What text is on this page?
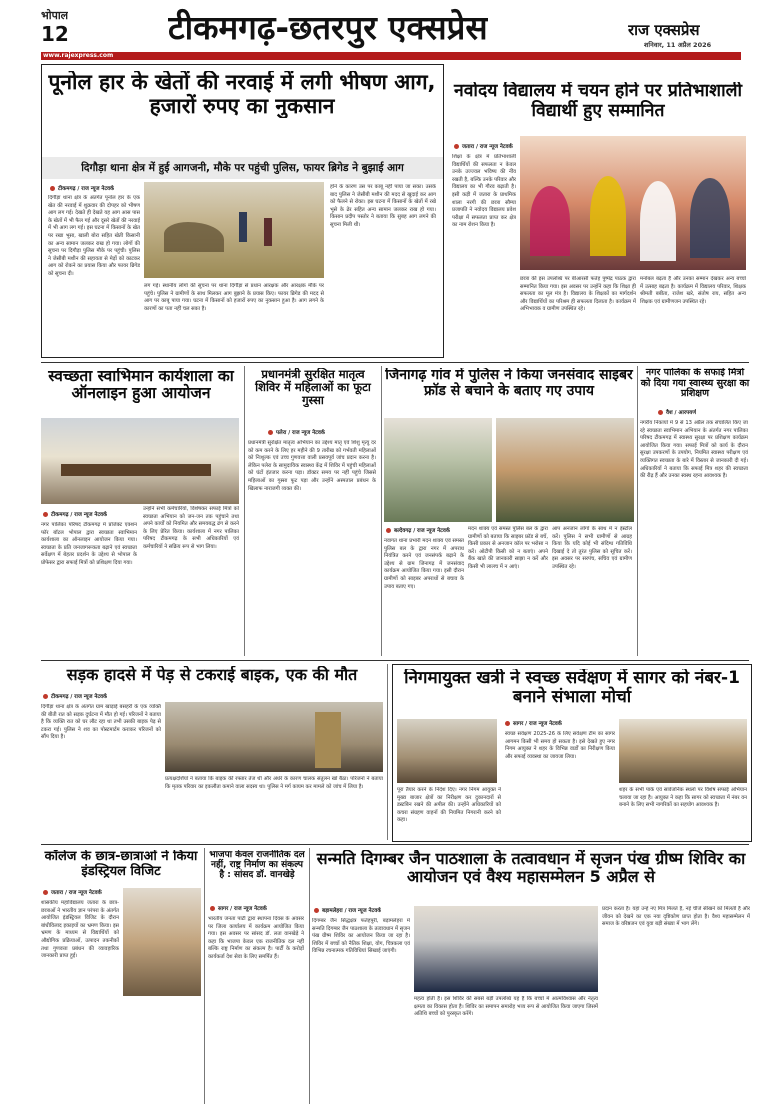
भोपाल
12	टीकमगढ़-छतरपुर एक्सप्रेस	राज एक्सप्रेस
शनिवार, 11 अप्रैल 2026
www.rajexpress.com
पूनोल हार के खेतों की नरवाई में लगी भीषण आग, हजारों रुपए का नुकसान
दिगौड़ा थाना क्षेत्र में हुई आगजनी, मौके पर पहुंची पुलिस, फायर ब्रिगेड ने बुझाई आग
टीकमगढ़ / राज न्यूज नेटवर्क
दिगौड़ा थाना क्षेत्र के अंतर्गत पूनोल हार के एक खेत की नरवाई में शुक्रवार की दोपहर को भीषण आग लग गई। देखते ही देखते यह आग आस पास के खेतों में भी फैल गई और दूसरे खेतों की नरवाई में भी आग लग गई। इस घटना में किसानों के खेत पर रखा भूसा, खाली बोरा सहित खेती किसानी का अन्य सामान जलकर राख हो गया। लोगों की सूचना पर दिगौड़ा पुलिस मौके पर पहुंची। पुलिस ने जेसीबी मशीन की सहायता से मेड़ों को काटकर आग को रोकने का प्रयास किया और फायर ब्रिगेड को सूचना दी।
लग गई। स्थानीय लोगों की सूचना पर थाना दिगौड़ा से प्रधान आरक्षक और आरक्षक मौके पर पहुंचे। पुलिस ने ग्रामीणों के साथ मिलकर आग बुझाने के प्रयास किए। फायर ब्रिगेड की मदद से आग पर काबू पाया गया। घटना में किसानों को हजारों रुपए का नुकसान हुआ है। आग लगने के कारणों का पता नहीं चल सका है।
होने के कारण उस पर काबू नहीं पाया जा सका। उसके बाद पुलिस ने जेसीबी मशीन की मदद से खुदाई कर आग को फैलने से रोका। इस घटना में किसानों के खेतों में रखे भूसे के ढेर सहित अन्य सामान जलकर राख हो गया। किसान प्रदीप पस्तोर ने बताया कि सुबह आग लगने की सूचना मिली थी।
नवोदय विद्यालय में चयन होने पर प्रतिभाशाली विद्यार्थी हुए सम्मानित
जतारा / राज न्यूज नेटवर्क
शिक्षा के क्षेत्र में प्रतिभाशाली विद्यार्थियों की सफलता न केवल उनके उज्ज्वल भविष्य की नींव रखती है, बल्कि उनके परिवार और विद्यालय का भी गौरव बढ़ाती है। इसी कड़ी में जतारा के प्राथमिक शाला नरगी की छात्रा सौम्या प्रजापति ने नवोदय विद्यालय प्रवेश परीक्षा में सफलता प्राप्त कर क्षेत्र का नाम रोशन किया है।
छात्रा की इस उपलब्धि पर बीआरसी फतेह पुष्पेंद्र पाठक द्वारा सम्मानित किया गया। इस अवसर पर उन्होंने कहा कि शिक्षा ही सफलता का मूल मंत्र है। विद्यालय के शिक्षकों का मार्गदर्शन और विद्यार्थियों का परिश्रम ही सफलता दिलाता है। कार्यक्रम में अभिभावक व ग्रामीण उपस्थित रहे।
मनोबल बढ़ता है और उनका सम्मान देखकर अन्य बच्चों में उत्साह बढ़ता है। कार्यक्रम में विद्यालय परिवार, शिक्षक श्रीमती बबीता, राजेश खरे, संतोष राय, सहित अन्य शिक्षक एवं ग्रामीणजन उपस्थित रहे।
स्वच्छता स्वाभिमान कार्यशाला का ऑनलाइन हुआ आयोजन
टीकमगढ़ / राज न्यूज नेटवर्क
नगर पालिका परिषद टीकमगढ़ में प्रोजेक्ट एक्शन फॉर बॉटल भोपाल द्वारा स्वच्छता स्वाभिमान कार्यशाला का ऑनलाइन आयोजन किया गया। स्वच्छता के प्रति जनजागरूकता बढ़ाने एवं स्वच्छता सर्वेक्षण में बेहतर प्रदर्शन के उद्देश्य से भोपाल के प्रोफेसर द्वारा सफाई मित्रों को प्रशिक्षण दिया गया।
उन्होंने सभी कर्मचारियों, विशेषकर सफाई मित्रों को स्वच्छता अभियान को जन-जन तक पहुंचाने तथा अपने कार्यों को नियमित और समयबद्ध ढंग से करने के लिए प्रेरित किया। कार्यशाला में नगर पालिका परिषद टीकमगढ़ के सभी अधिकारियों एवं कर्मचारियों ने सक्रिय रूप से भाग लिया।
प्रधानमंत्री सुरक्षित मातृत्व शिविर में महिलाओं का फूटा गुस्सा
पलेरा / राज न्यूज नेटवर्क
प्रधानमंत्री सुरक्षित मातृत्व अभियान का उद्देश्य मातृ एवं शिशु मृत्यु दर को कम करने के लिए हर महीने की 9 तारीख को गर्भवती महिलाओं को निःशुल्क एवं उच्च गुणवत्ता वाली प्रसवपूर्व जांच प्रदान करना है। लेकिन पलेरा के सामुदायिक स्वास्थ्य केंद्र में शिविर में पहुंची महिलाओं को घंटों इंतजार करना पड़ा। डॉक्टर समय पर नहीं पहुंचे जिससे महिलाओं का गुस्सा फूट पड़ा और उन्होंने अस्पताल प्रबंधन के खिलाफ नाराजगी व्यक्त की।
जिनागढ़ गांव में पुलिस ने किया जनसंवाद साइबर फ्रॉड से बचाने के बताए गए उपाय
बल्देवगढ़ / राज न्यूज नेटवर्क
नवागत थाना प्रभारी मदन शाक्य एवं समस्त पुलिस बल के द्वारा नगर में अपराध नियंत्रित करने एवं जनसंपर्क बढ़ाने के उद्देश्य से ग्राम जिनागढ़ में जनसंवाद कार्यक्रम आयोजित किया गया। इसी दौरान ग्रामीणों को साइबर अपराधों से बचाव के उपाय बताए गए।
मदन शाक्य एवं समस्त पुलिस बल के द्वारा ग्रामीणों को बताया कि साइबर फ्रॉड से बचें, किसी प्रकार से अनजान कॉल पर भरोसा न करें। ओटीपी किसी को न बताएं। अपने बैंक खाते की जानकारी साझा न करें और किसी भी लालच में न आएं।
आप अनजान लोगों के साथ में न इंस्टॉल करें। पुलिस ने सभी ग्रामीणों से आग्रह किया कि यदि कोई भी संदिग्ध गतिविधि दिखाई दे तो तुरंत पुलिस को सूचित करें। इस अवसर पर सरपंच, सचिव एवं ग्रामीण उपस्थित रहे।
नगर पालिका के सफाई मित्रों को दिया गया स्वास्थ्य सुरक्षा का प्रशिक्षण
वैश / आरपयर्ण
नगरीय निकायों में 9 से 13 अप्रैल तक संचालित किए जा रहे स्वच्छता स्वाभिमान अभियान के अंतर्गत नगर पालिका परिषद टीकमगढ़ में स्वास्थ्य सुरक्षा पर प्रशिक्षण कार्यक्रम आयोजित किया गया। सफाई मित्रों को कार्य के दौरान सुरक्षा उपकरणों के उपयोग, नियमित स्वास्थ्य परीक्षण एवं व्यक्तिगत स्वच्छता के बारे में विस्तार से जानकारी दी गई। अधिकारियों ने बताया कि सफाई मित्र शहर की स्वच्छता की रीढ़ हैं और उनका स्वस्थ रहना आवश्यक है।
सड़क हादसे में पेड़ से टकराई बाइक, एक की मौत
टीकमगढ़ / राज न्यूज नेटवर्क
दिगौड़ा थाना क्षेत्र के अंतर्गत ग्राम खाड़ाई बसहरी के एक व्यक्ति की बीती रात को सड़क दुर्घटना में मौत हो गई। परिजनों ने बताया है कि व्यक्ति रात को घर लौट रहा था तभी उसकी बाइक पेड़ से टकरा गई। पुलिस ने शव का पोस्टमार्टम कराकर परिजनों को सौंप दिया है।
प्रत्यक्षदर्शियों ने बताया कि बाइक की रफ्तार तेज थी और अंधेरे के कारण चालक संतुलन खो बैठा। परिजनों ने बताया कि मृतक परिवार का इकलौता कमाने वाला सदस्य था। पुलिस ने मर्ग कायम कर मामले को जांच में लिया है।
निगमायुक्त खत्री ने स्वच्छ सर्वेक्षण में सागर को नंबर-1 बनाने संभाला मोर्चा
सागर / राज न्यूज नेटवर्क
स्वच्छ सर्वेक्षण 2025-26 के लिए सर्वेक्षण टीम का सागर आगमन किसी भी समय हो सकता है। इसे देखते हुए नगर निगम आयुक्त ने शहर के विभिन्न वार्डों का निरीक्षण किया और सफाई व्यवस्था का जायजा लिया।
पूरा तैयार करने के निर्देश दिए। नगर निगम आयुक्त ने मुख्य बाजार क्षेत्रों का निरीक्षण कर दुकानदारों से डस्टबिन रखने की अपील की। उन्होंने अधिकारियों को कचरा संग्रहण वाहनों की नियमित निगरानी करने को कहा।
शहर के सभी पार्क एवं सार्वजनिक स्थलों पर विशेष सफाई अभियान चलाया जा रहा है। आयुक्त ने कहा कि सागर को स्वच्छता में नंबर वन बनाने के लिए सभी नागरिकों का सहयोग आवश्यक है।
कॉलेज के छात्र-छात्राओं ने किया इंडस्ट्रियल विजिट
जतारा / राज न्यूज नेटवर्क
शासकीय महाविद्यालय जतारा के छात्र-छात्राओं ने भारतीय ज्ञान परंपरा के अंतर्गत आयोजित इंडस्ट्रियल विजिट के दौरान बांधीविलाद इकाइयों का भ्रमण किया। इस भ्रमण के माध्यम से विद्यार्थियों को औद्योगिक प्रक्रियाओं, उत्पादन तकनीकों तथा गुणवत्ता प्रबंधन की व्यावहारिक जानकारी प्राप्त हुई।
भाजपा केवल राजनीतिक दल नहीं, राष्ट्र निर्माण का संकल्प है : सांसद डॉ. वानखेड़े
सागर / राज न्यूज नेटवर्क
भारतीय जनता पार्टी द्वारा स्थापना दिवस के अवसर पर जिला कार्यालय में कार्यक्रम आयोजित किया गया। इस अवसर पर सांसद डॉ. लता वानखेड़े ने कहा कि भाजपा केवल एक राजनीतिक दल नहीं बल्कि राष्ट्र निर्माण का संकल्प है। पार्टी के करोड़ों कार्यकर्ता देश सेवा के लिए समर्पित हैं।
सन्मति दिगम्बर जैन पाठशाला के तत्वावधान में सृजन पंख ग्रीष्म शिविर का आयोजन एवं वैश्य महासम्मेलन 5 अप्रैल से
बड़ामलेहरा / राज न्यूज नेटवर्क
दिगम्बर जैन सिद्धक्षेत्र फतेहपुरी, बड़ामलेहरा में सन्मति दिगम्बर जैन पाठशाला के तत्वावधान में सृजन पंख ग्रीष्म शिविर का आयोजन किया जा रहा है। शिविर में बच्चों को नैतिक शिक्षा, योग, चित्रकला एवं विभिन्न रचनात्मक गतिविधियां सिखाई जाएंगी।
महत्व होती है। इस शिविर की सबसे बड़ी उपलब्धि यह है कि बच्चों में आत्मविश्वास और नेतृत्व क्षमता का विकास होता है। शिविर का समापन समारोह भव्य रूप से आयोजित किया जाएगा जिसमें अतिथि बच्चों को पुरस्कृत करेंगे।
प्रदान करता है। यहां उन्हें नए मित्र मिलते हैं, नई चीजें सीखने को मिलती हैं और जीवन को देखने का एक नया दृष्टिकोण प्राप्त होता है। वैश्य महासम्मेलन में समाज के वरिष्ठजन एवं युवा बड़ी संख्या में भाग लेंगे।
